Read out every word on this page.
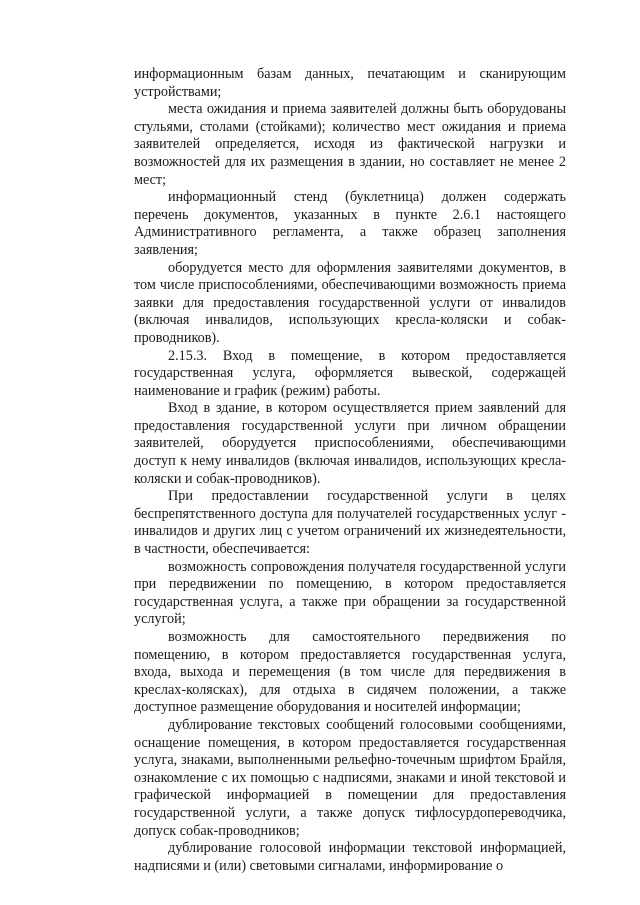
информационным базам данных, печатающим и сканирующим устройствами;

места ожидания и приема заявителей должны быть оборудованы стульями, столами (стойками); количество мест ожидания и приема заявителей определяется, исходя из фактической нагрузки и возможностей для их размещения в здании, но составляет не менее 2 мест;

информационный стенд (буклетница) должен содержать перечень документов, указанных в пункте 2.6.1 настоящего Административного регламента, а также образец заполнения заявления;

оборудуется место для оформления заявителями документов, в том числе приспособлениями, обеспечивающими возможность приема заявки для предоставления государственной услуги от инвалидов (включая инвалидов, использующих кресла-коляски и собак-проводников).

2.15.3. Вход в помещение, в котором предоставляется государственная услуга, оформляется вывеской, содержащей наименование и график (режим) работы.

Вход в здание, в котором осуществляется прием заявлений для предоставления государственной услуги при личном обращении заявителей, оборудуется приспособлениями, обеспечивающими доступ к нему инвалидов (включая инвалидов, использующих кресла-коляски и собак-проводников).

При предоставлении государственной услуги в целях беспрепятственного доступа для получателей государственных услуг - инвалидов и других лиц с учетом ограничений их жизнедеятельности, в частности, обеспечивается:

возможность сопровождения получателя государственной услуги при передвижении по помещению, в котором предоставляется государственная услуга, а также при обращении за государственной услугой;

возможность для самостоятельного передвижения по помещению, в котором предоставляется государственная услуга, входа, выхода и перемещения (в том числе для передвижения в креслах-колясках), для отдыха в сидячем положении, а также доступное размещение оборудования и носителей информации;

дублирование текстовых сообщений голосовыми сообщениями, оснащение помещения, в котором предоставляется государственная услуга, знаками, выполненными рельефно-точечным шрифтом Брайля, ознакомление с их помощью с надписями, знаками и иной текстовой и графической информацией в помещении для предоставления государственной услуги, а также допуск тифлосурдопереводчика, допуск собак-проводников;

дублирование голосовой информации текстовой информацией, надписями и (или) световыми сигналами, информирование о
